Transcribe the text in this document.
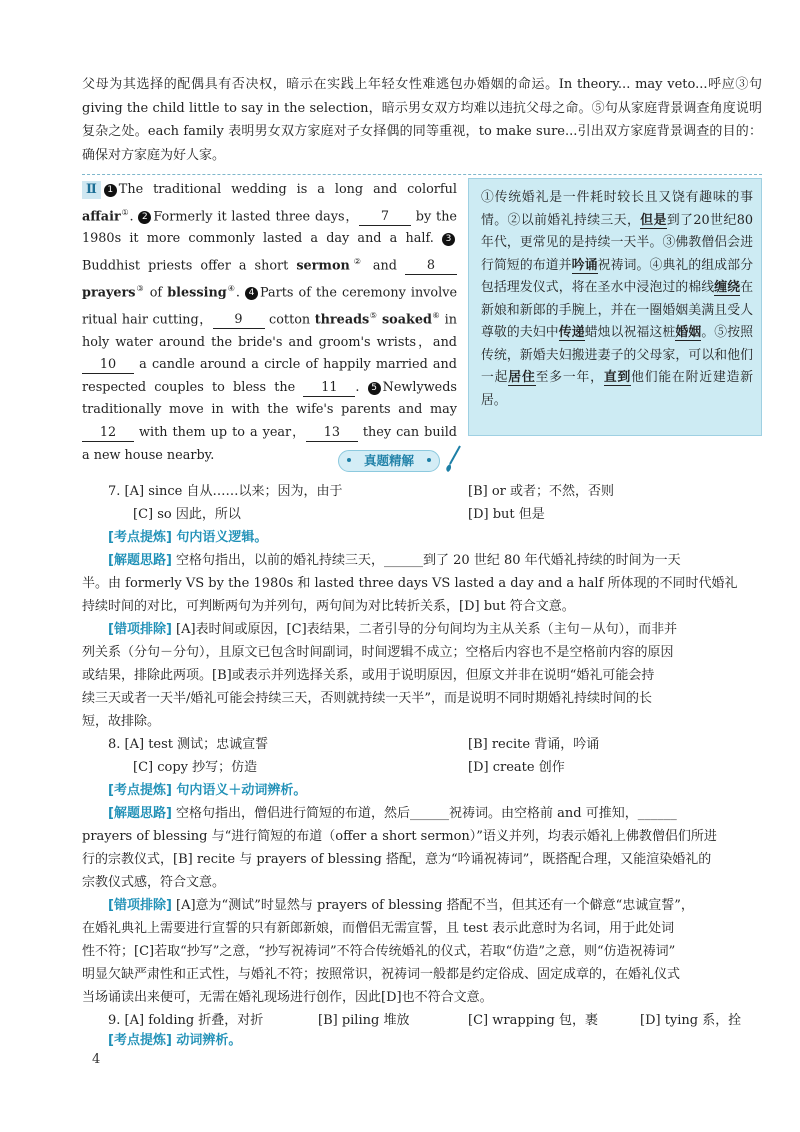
父母为其选择的配偶具有否决权，暗示在实践上年轻女性难逃包办婚姻的命运。In theory... may veto...呼应③句 giving the child little to say in the selection，暗示男女双方均难以违抗父母之命。⑤句从家庭背景调查角度说明复杂之处。each family 表明男女双方家庭对子女择偶的同等重视，to make sure...引出双方家庭背景调查的目的：确保对方家庭为好人家。
Ⅱ 1 The traditional wedding is a long and colorful affair①. 2 Formerly it lasted three days， 7 by the 1980s it more commonly lasted a day and a half. 3Buddhist priests offer a short sermon② and 8 prayers③ of blessing④. 4 Parts of the ceremony involve ritual hair cutting， 9 cotton threads⑤ soaked⑥ in holy water around the bride's and groom's wrists，and 10 a candle around a circle of happily married and respected couples to bless the 11 . 5 Newlyweds traditionally move in with the wife's parents and may 12 with them up to a year， 13 they can build a new house nearby.
①传统婚礼是一件耗时较长且又饶有趣味的事情。②以前婚礼持续三天，但是到了20世纪80年代，更常见的是持续一天半。③佛教僧侣会进行简短的布道并吟诵祝祷词。④典礼的组成部分包括理发仪式，将在圣水中浸泡过的棉线缠绕在新娘和新郎的手腕上，并在一圈婚姻美满且受人尊敬的夫妇中传递蜡烛以祝福这桩婚姻。⑤按照传统，新婚夫妇搬进妻子的父母家，可以和他们一起居住至多一年，直到他们能在附近建造新居。
真题精解
7. [A] since 自从……以来；因为，由于	[B] or 或者；不然，否则
[C] so 因此，所以	[D] but 但是
[考点提炼] 句内语义逻辑。
[解题思路] 空格句指出，以前的婚礼持续三天，______到了 20 世纪 80 年代婚礼持续的时间为一天
半。由 formerly VS by the 1980s 和 lasted three days VS lasted a day and a half 所体现的不同时代婚礼
持续时间的对比，可判断两句为并列句，两句间为对比转折关系，[D] but 符合文意。
[错项排除] [A]表时间或原因，[C]表结果，二者引导的分句间均为主从关系（主句－从句），而非并
列关系（分句－分句），且原文已包含时间副词，时间逻辑不成立；空格后内容也不是空格前内容的原因
或结果，排除此两项。[B]或表示并列选择关系，或用于说明原因，但原文并非在说明“婚礼可能会持
续三天或者一天半/婚礼可能会持续三天，否则就持续一天半”，而是说明不同时期婚礼持续时间的长
短，故排除。
8. [A] test 测试；忠诚宣誓	[B] recite 背诵，吟诵
[C] copy 抄写；仿造	[D] create 创作
[考点提炼] 句内语义＋动词辨析。
[解题思路] 空格句指出，僧侣进行简短的布道，然后______祝祷词。由空格前 and 可推知，______
prayers of blessing 与“进行简短的布道（offer a short sermon）”语义并列，均表示婚礼上佛教僧侣们所进
行的宗教仪式，[B] recite 与 prayers of blessing 搭配，意为“吟诵祝祷词”，既搭配合理，又能渲染婚礼的
宗教仪式感，符合文意。
[错项排除] [A]意为“测试”时显然与 prayers of blessing 搭配不当，但其还有一个僻意“忠诚宣誓”，
在婚礼典礼上需要进行宣誓的只有新郎新娘，而僧侣无需宣誓，且 test 表示此意时为名词，用于此处词
性不符；[C]若取“抄写”之意，“抄写祝祷词”不符合传统婚礼的仪式，若取“仿造”之意，则“仿造祝祷词”
明显欠缺严肃性和正式性，与婚礼不符；按照常识，祝祷词一般都是约定俗成、固定成章的，在婚礼仪式
当场诵读出来便可，无需在婚礼现场进行创作，因此[D]也不符合文意。
9. [A] folding 折叠，对折	[B] piling 堆放	[C] wrapping 包，裹	[D] tying 系，拴
[考点提炼] 动词辨析。
4
